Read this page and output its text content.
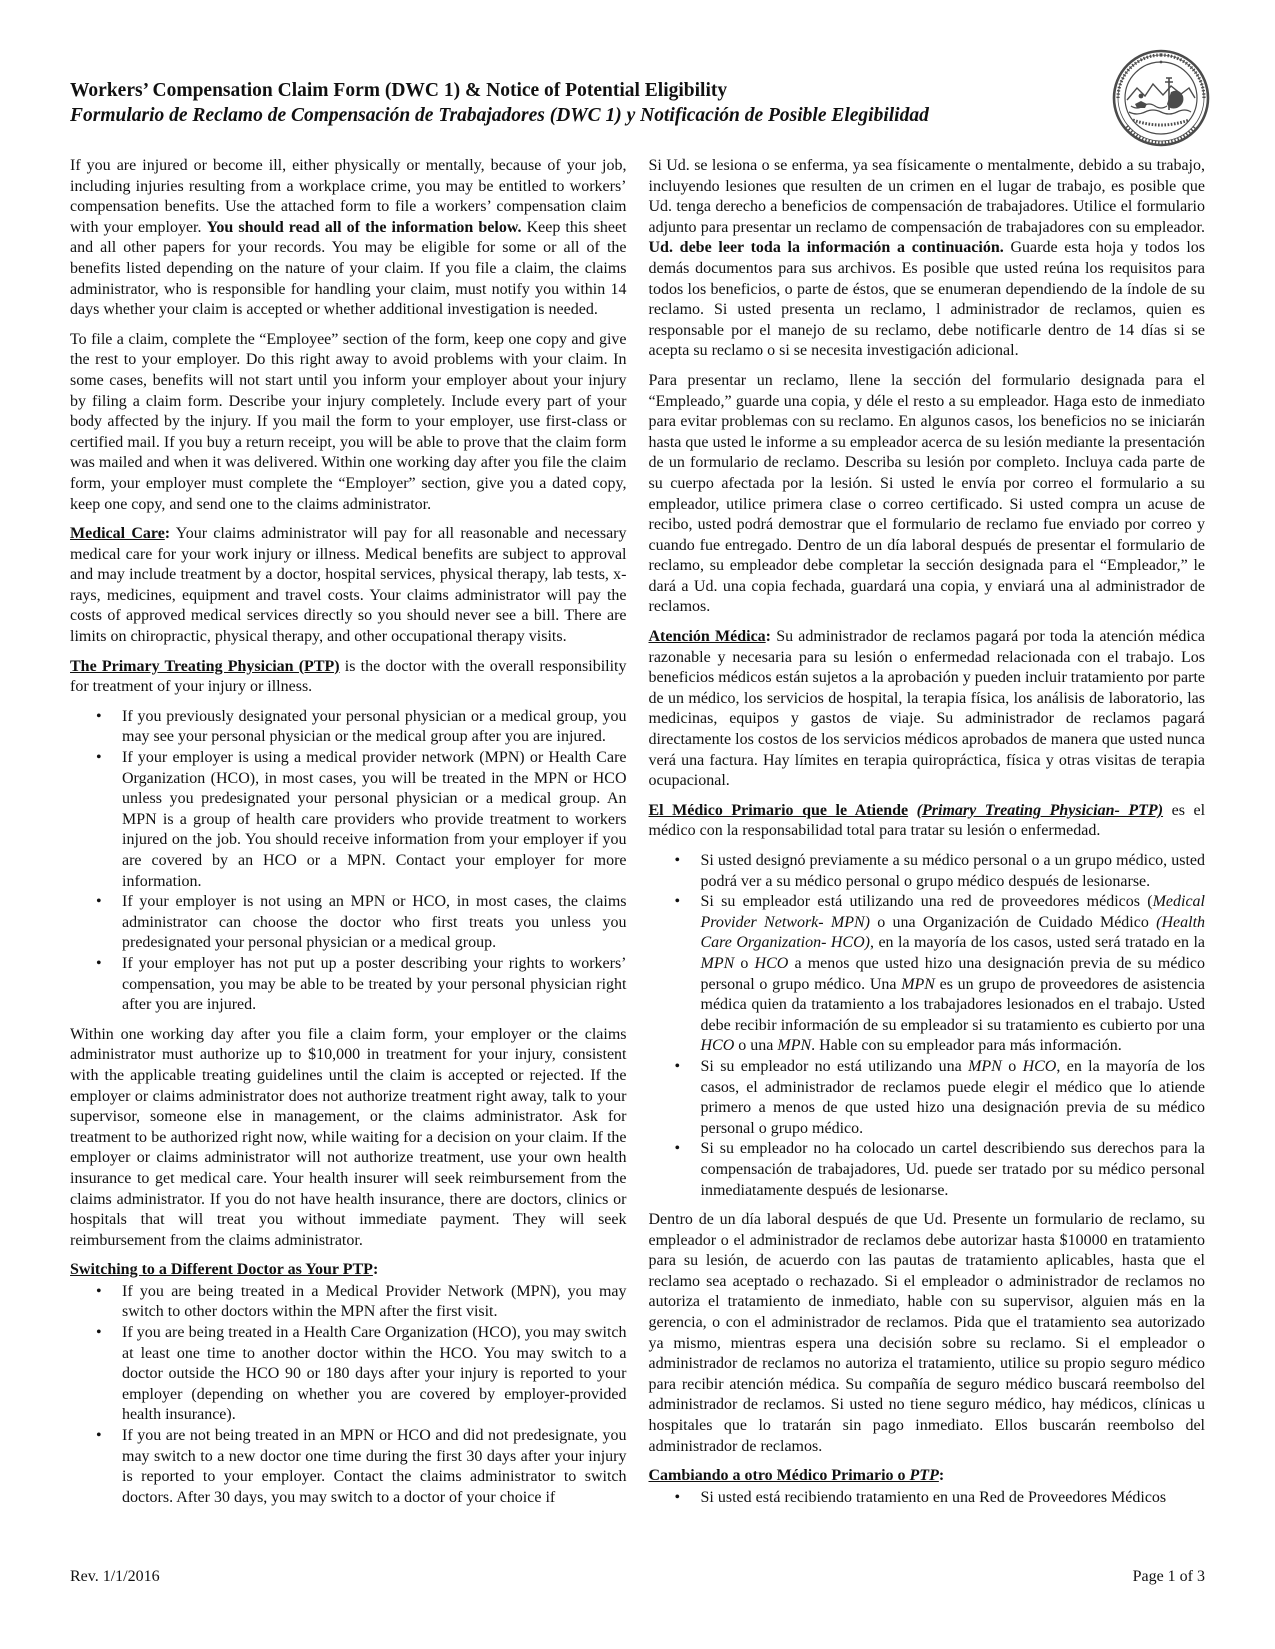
Workers’ Compensation Claim Form (DWC 1) & Notice of Potential Eligibility
Formulario de Reclamo de Compensación de Trabajadores (DWC 1) y Notificación de Posible Elegibilidad

If you are injured or become ill, either physically or mentally, because of your job, including injuries resulting from a workplace crime, you may be entitled to workers’ compensation benefits. Use the attached form to file a workers’ compensation claim with your employer. You should read all of the information below. Keep this sheet and all other papers for your records. You may be eligible for some or all of the benefits listed depending on the nature of your claim. If you file a claim, the claims administrator, who is responsible for handling your claim, must notify you within 14 days whether your claim is accepted or whether additional investigation is needed.

To file a claim, complete the “Employee” section of the form, keep one copy and give the rest to your employer. Do this right away to avoid problems with your claim. In some cases, benefits will not start until you inform your employer about your injury by filing a claim form. Describe your injury completely. Include every part of your body affected by the injury. If you mail the form to your employer, use first-class or certified mail. If you buy a return receipt, you will be able to prove that the claim form was mailed and when it was delivered. Within one working day after you file the claim form, your employer must complete the “Employer” section, give you a dated copy, keep one copy, and send one to the claims administrator.

Medical Care: Your claims administrator will pay for all reasonable and necessary medical care for your work injury or illness. Medical benefits are subject to approval and may include treatment by a doctor, hospital services, physical therapy, lab tests, x-rays, medicines, equipment and travel costs. Your claims administrator will pay the costs of approved medical services directly so you should never see a bill. There are limits on chiropractic, physical therapy, and other occupational therapy visits.

The Primary Treating Physician (PTP) is the doctor with the overall responsibility for treatment of your injury or illness.

• If you previously designated your personal physician or a medical group, you may see your personal physician or the medical group after you are injured.
• If your employer is using a medical provider network (MPN) or Health Care Organization (HCO), in most cases, you will be treated in the MPN or HCO unless you predesignated your personal physician or a medical group. An MPN is a group of health care providers who provide treatment to workers injured on the job. You should receive information from your employer if you are covered by an HCO or a MPN. Contact your employer for more information.
• If your employer is not using an MPN or HCO, in most cases, the claims administrator can choose the doctor who first treats you unless you predesignated your personal physician or a medical group.
• If your employer has not put up a poster describing your rights to workers’ compensation, you may be able to be treated by your personal physician right after you are injured.

Within one working day after you file a claim form, your employer or the claims administrator must authorize up to $10,000 in treatment for your injury, consistent with the applicable treating guidelines until the claim is accepted or rejected. If the employer or claims administrator does not authorize treatment right away, talk to your supervisor, someone else in management, or the claims administrator. Ask for treatment to be authorized right now, while waiting for a decision on your claim. If the employer or claims administrator will not authorize treatment, use your own health insurance to get medical care. Your health insurer will seek reimbursement from the claims administrator. If you do not have health insurance, there are doctors, clinics or hospitals that will treat you without immediate payment. They will seek reimbursement from the claims administrator.

Switching to a Different Doctor as Your PTP:

• If you are being treated in a Medical Provider Network (MPN), you may switch to other doctors within the MPN after the first visit.
• If you are being treated in a Health Care Organization (HCO), you may switch at least one time to another doctor within the HCO. You may switch to a doctor outside the HCO 90 or 180 days after your injury is reported to your employer (depending on whether you are covered by employer-provided health insurance).
• If you are not being treated in an MPN or HCO and did not predesignate, you may switch to a new doctor one time during the first 30 days after your injury is reported to your employer. Contact the claims administrator to switch doctors. After 30 days, you may switch to a doctor of your choice if

Si Ud. se lesiona o se enferma, ya sea físicamente o mentalmente, debido a su trabajo, incluyendo lesiones que resulten de un crimen en el lugar de trabajo, es posible que Ud. tenga derecho a beneficios de compensación de trabajadores. Utilice el formulario adjunto para presentar un reclamo de compensación de trabajadores con su empleador. Ud. debe leer toda la información a continuación. Guarde esta hoja y todos los demás documentos para sus archivos. Es posible que usted reúna los requisitos para todos los beneficios, o parte de éstos, que se enumeran dependiendo de la índole de su reclamo. Si usted presenta un reclamo, l administrador de reclamos, quien es responsable por el manejo de su reclamo, debe notificarle dentro de 14 días si se acepta su reclamo o si se necesita investigación adicional.

Para presentar un reclamo, llene la sección del formulario designada para el “Empleado,” guarde una copia, y déle el resto a su empleador. Haga esto de inmediato para evitar problemas con su reclamo. En algunos casos, los beneficios no se iniciarán hasta que usted le informe a su empleador acerca de su lesión mediante la presentación de un formulario de reclamo. Describa su lesión por completo. Incluya cada parte de su cuerpo afectada por la lesión. Si usted le envía por correo el formulario a su empleador, utilice primera clase o correo certificado. Si usted compra un acuse de recibo, usted podrá demostrar que el formulario de reclamo fue enviado por correo y cuando fue entregado. Dentro de un día laboral después de presentar el formulario de reclamo, su empleador debe completar la sección designada para el “Empleador,” le dará a Ud. una copia fechada, guardará una copia, y enviará una al administrador de reclamos.

Atención Médica: Su administrador de reclamos pagará por toda la atención médica razonable y necesaria para su lesión o enfermedad relacionada con el trabajo. Los beneficios médicos están sujetos a la aprobación y pueden incluir tratamiento por parte de un médico, los servicios de hospital, la terapia física, los análisis de laboratorio, las medicinas, equipos y gastos de viaje. Su administrador de reclamos pagará directamente los costos de los servicios médicos aprobados de manera que usted nunca verá una factura. Hay límites en terapia quiropráctica, física y otras visitas de terapia ocupacional.

El Médico Primario que le Atiende (Primary Treating Physician- PTP) es el médico con la responsabilidad total para tratar su lesión o enfermedad.

• Si usted designó previamente a su médico personal o a un grupo médico, usted podrá ver a su médico personal o grupo médico después de lesionarse.
• Si su empleador está utilizando una red de proveedores médicos (Medical Provider Network- MPN) o una Organización de Cuidado Médico (Health Care Organization- HCO), en la mayoría de los casos, usted será tratado en la MPN o HCO a menos que usted hizo una designación previa de su médico personal o grupo médico. Una MPN es un grupo de proveedores de asistencia médica quien da tratamiento a los trabajadores lesionados en el trabajo. Usted debe recibir información de su empleador si su tratamiento es cubierto por una HCO o una MPN. Hable con su empleador para más información.
• Si su empleador no está utilizando una MPN o HCO, en la mayoría de los casos, el administrador de reclamos puede elegir el médico que lo atiende primero a menos de que usted hizo una designación previa de su médico personal o grupo médico.
• Si su empleador no ha colocado un cartel describiendo sus derechos para la compensación de trabajadores, Ud. puede ser tratado por su médico personal inmediatamente después de lesionarse.

Dentro de un día laboral después de que Ud. Presente un formulario de reclamo, su empleador o el administrador de reclamos debe autorizar hasta $10000 en tratamiento para su lesión, de acuerdo con las pautas de tratamiento aplicables, hasta que el reclamo sea aceptado o rechazado. Si el empleador o administrador de reclamos no autoriza el tratamiento de inmediato, hable con su supervisor, alguien más en la gerencia, o con el administrador de reclamos. Pida que el tratamiento sea autorizado ya mismo, mientras espera una decisión sobre su reclamo. Si el empleador o administrador de reclamos no autoriza el tratamiento, utilice su propio seguro médico para recibir atención médica. Su compañía de seguro médico buscará reembolso del administrador de reclamos. Si usted no tiene seguro médico, hay médicos, clínicas u hospitales que lo tratarán sin pago inmediato. Ellos buscarán reembolso del administrador de reclamos.

Cambiando a otro Médico Primario o PTP:

• Si usted está recibiendo tratamiento en una Red de Proveedores Médicos
Rev. 1/1/2016	Page 1 of 3
